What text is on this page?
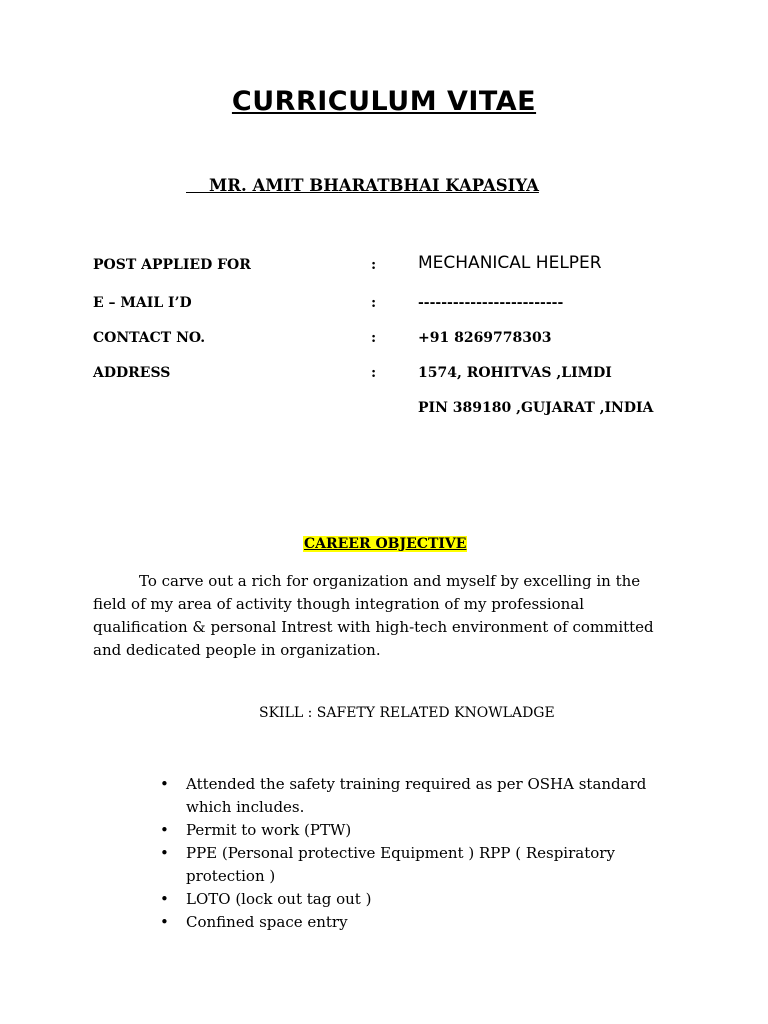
CURRICULUM VITAE

MR. AMIT BHARATBHAI KAPASIYA

POST APPLIED FOR	: MECHANICAL HELPER
E – MAIL I’D	:	-------------------------
CONTACT NO.	:	+91 8269778303
ADDRESS	:	1574, ROHITVAS ,LIMDI
PIN 389180 ,GUJARAT ,INDIA

CAREER OBJECTIVE

To carve out a rich for organization and myself by excelling in the field of my area of activity though integration of my professional qualification & personal Intrest with high-tech environment of committed and dedicated people in organization.

SKILL : SAFETY RELATED KNOWLADGE

• Attended the safety training required as per OSHA standard which includes.
• Permit to work (PTW)
• PPE (Personal protective Equipment ) RPP ( Respiratory protection )
• LOTO (lock out tag out )
• Confined space entry
